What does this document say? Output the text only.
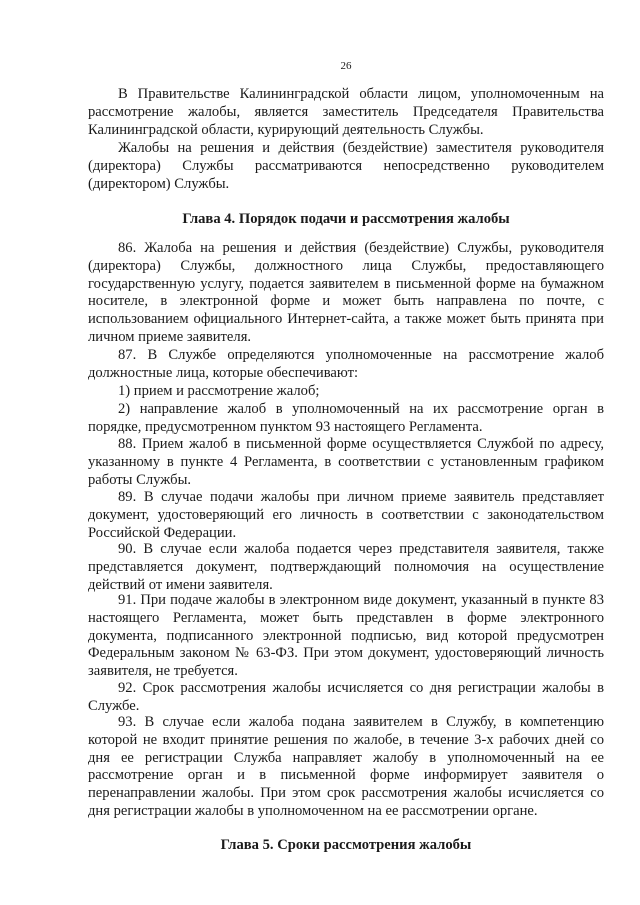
26

В Правительстве Калининградской области лицом, уполномоченным на рассмотрение жалобы, является заместитель Председателя Правительства Калининградской области, курирующий деятельность Службы.

Жалобы на решения и действия (бездействие) заместителя руководителя (директора) Службы рассматриваются непосредственно руководителем (директором) Службы.

Глава 4. Порядок подачи и рассмотрения жалобы

86. Жалоба на решения и действия (бездействие) Службы, руководителя (директора) Службы, должностного лица Службы, предоставляющего государственную услугу, подается заявителем в письменной форме на бумажном носителе, в электронной форме и может быть направлена по почте, с использованием официального Интернет-сайта, а также может быть принята при личном приеме заявителя.

87. В Службе определяются уполномоченные на рассмотрение жалоб должностные лица, которые обеспечивают:

1) прием и рассмотрение жалоб;

2) направление жалоб в уполномоченный на их рассмотрение орган в порядке, предусмотренном пунктом 93 настоящего Регламента.

88. Прием жалоб в письменной форме осуществляется Службой по адресу, указанному в пункте 4 Регламента, в соответствии с установленным графиком работы Службы.

89. В случае подачи жалобы при личном приеме заявитель представляет документ, удостоверяющий его личность в соответствии с законодательством Российской Федерации.

90. В случае если жалоба подается через представителя заявителя, также представляется документ, подтверждающий полномочия на осуществление действий от имени заявителя.

91. При подаче жалобы в электронном виде документ, указанный в пункте 83 настоящего Регламента, может быть представлен в форме электронного документа, подписанного электронной подписью, вид которой предусмотрен Федеральным законом № 63-ФЗ. При этом документ, удостоверяющий личность заявителя, не требуется.

92. Срок рассмотрения жалобы исчисляется со дня регистрации жалобы в Службе.

93. В случае если жалоба подана заявителем в Службу, в компетенцию которой не входит принятие решения по жалобе, в течение 3-х рабочих дней со дня ее регистрации Служба направляет жалобу в уполномоченный на ее рассмотрение орган и в письменной форме информирует заявителя о перенаправлении жалобы. При этом срок рассмотрения жалобы исчисляется со дня регистрации жалобы в уполномоченном на ее рассмотрении органе.

Глава 5. Сроки рассмотрения жалобы
